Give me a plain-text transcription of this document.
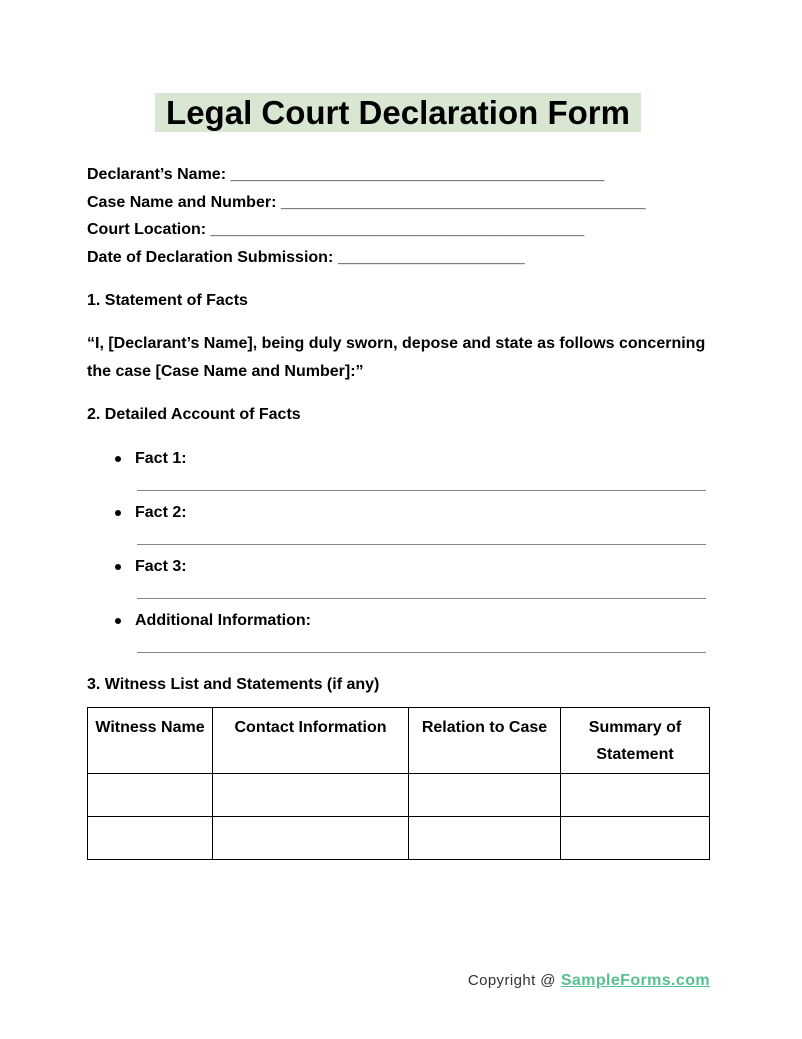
Legal Court Declaration Form
Declarant’s Name: __________________________________________
Case Name and Number: _________________________________________
Court Location: __________________________________________
Date of Declaration Submission: _____________________

1. Statement of Facts

“I, [Declarant’s Name], being duly sworn, depose and state as follows concerning the case [Case Name and Number]:”

2. Detailed Account of Facts

Fact 1:
Fact 2:
Fact 3:
Additional Information:

3. Witness List and Statements (if any)

Witness Name	Contact Information	Relation to Case	Summary of Statement

Copyright @ SampleForms.com
